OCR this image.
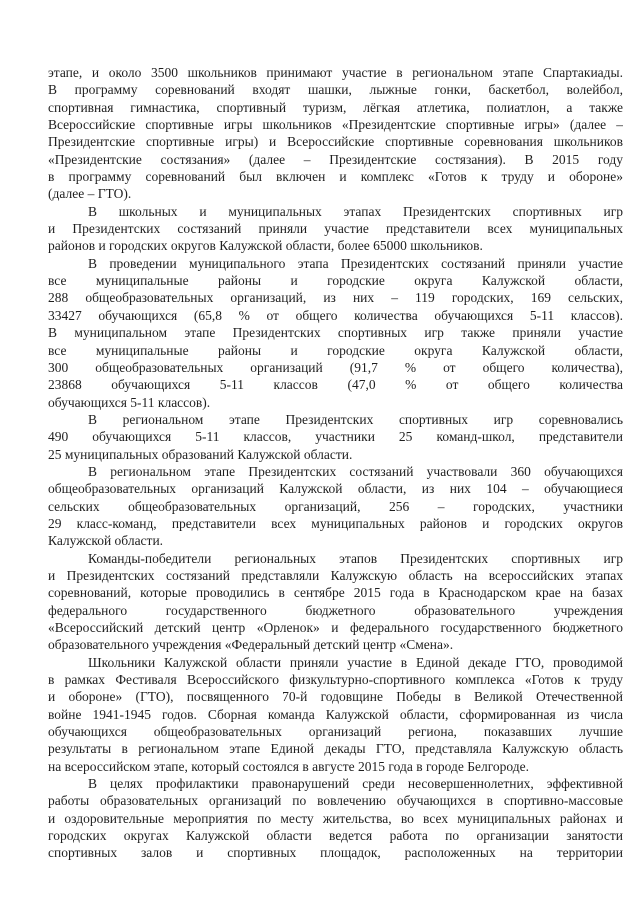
этапе, и около 3500 школьников принимают участие в региональном этапе Спартакиады.
В программу соревнований входят шашки, лыжные гонки, баскетбол, волейбол,
спортивная гимнастика, спортивный туризм, лёгкая атлетика, полиатлон, а также
Всероссийские спортивные игры школьников «Президентские спортивные игры» (далее –
Президентские спортивные игры) и Всероссийские спортивные соревнования школьников
«Президентские состязания» (далее – Президентские состязания). В 2015 году
в программу соревнований был включен и комплекс «Готов к труду и обороне»
(далее – ГТО).
В школьных и муниципальных этапах Президентских спортивных игр
и Президентских состязаний приняли участие представители всех муниципальных
районов и городских округов Калужской области, более 65000 школьников.
В проведении муниципального этапа Президентских состязаний приняли участие
все муниципальные районы и городские округа Калужской области,
288 общеобразовательных организаций, из них – 119 городских, 169 сельских,
33427 обучающихся (65,8 % от общего количества обучающихся 5-11 классов).
В муниципальном этапе Президентских спортивных игр также приняли участие
все муниципальные районы и городские округа Калужской области,
300 общеобразовательных организаций (91,7 % от общего количества),
23868 обучающихся 5-11 классов (47,0 % от общего количества
обучающихся 5-11 классов).
В региональном этапе Президентских спортивных игр соревновались
490 обучающихся 5-11 классов, участники 25 команд-школ, представители
25 муниципальных образований Калужской области.
В региональном этапе Президентских состязаний участвовали 360 обучающихся
общеобразовательных организаций Калужской области, из них 104 – обучающиеся
сельских общеобразовательных организаций, 256 – городских, участники
29 класс-команд, представители всех муниципальных районов и городских округов
Калужской области.
Команды-победители региональных этапов Президентских спортивных игр
и Президентских состязаний представляли Калужскую область на всероссийских этапах
соревнований, которые проводились в сентябре 2015 года в Краснодарском крае на базах
федерального государственного бюджетного образовательного учреждения
«Всероссийский детский центр «Орленок» и федерального государственного бюджетного
образовательного учреждения «Федеральный детский центр «Смена».
Школьники Калужской области приняли участие в Единой декаде ГТО, проводимой
в рамках Фестиваля Всероссийского физкультурно-спортивного комплекса «Готов к труду
и обороне» (ГТО), посвященного 70-й годовщине Победы в Великой Отечественной
войне 1941-1945 годов. Сборная команда Калужской области, сформированная из числа
обучающихся общеобразовательных организаций региона, показавших лучшие
результаты в региональном этапе Единой декады ГТО, представляла Калужскую область
на всероссийском этапе, который состоялся в августе 2015 года в городе Белгороде.
В целях профилактики правонарушений среди несовершеннолетних, эффективной
работы образовательных организаций по вовлечению обучающихся в спортивно-массовые
и оздоровительные мероприятия по месту жительства, во всех муниципальных районах и
городских округах Калужской области ведется работа по организации занятости
спортивных залов и спортивных площадок, расположенных на территории
